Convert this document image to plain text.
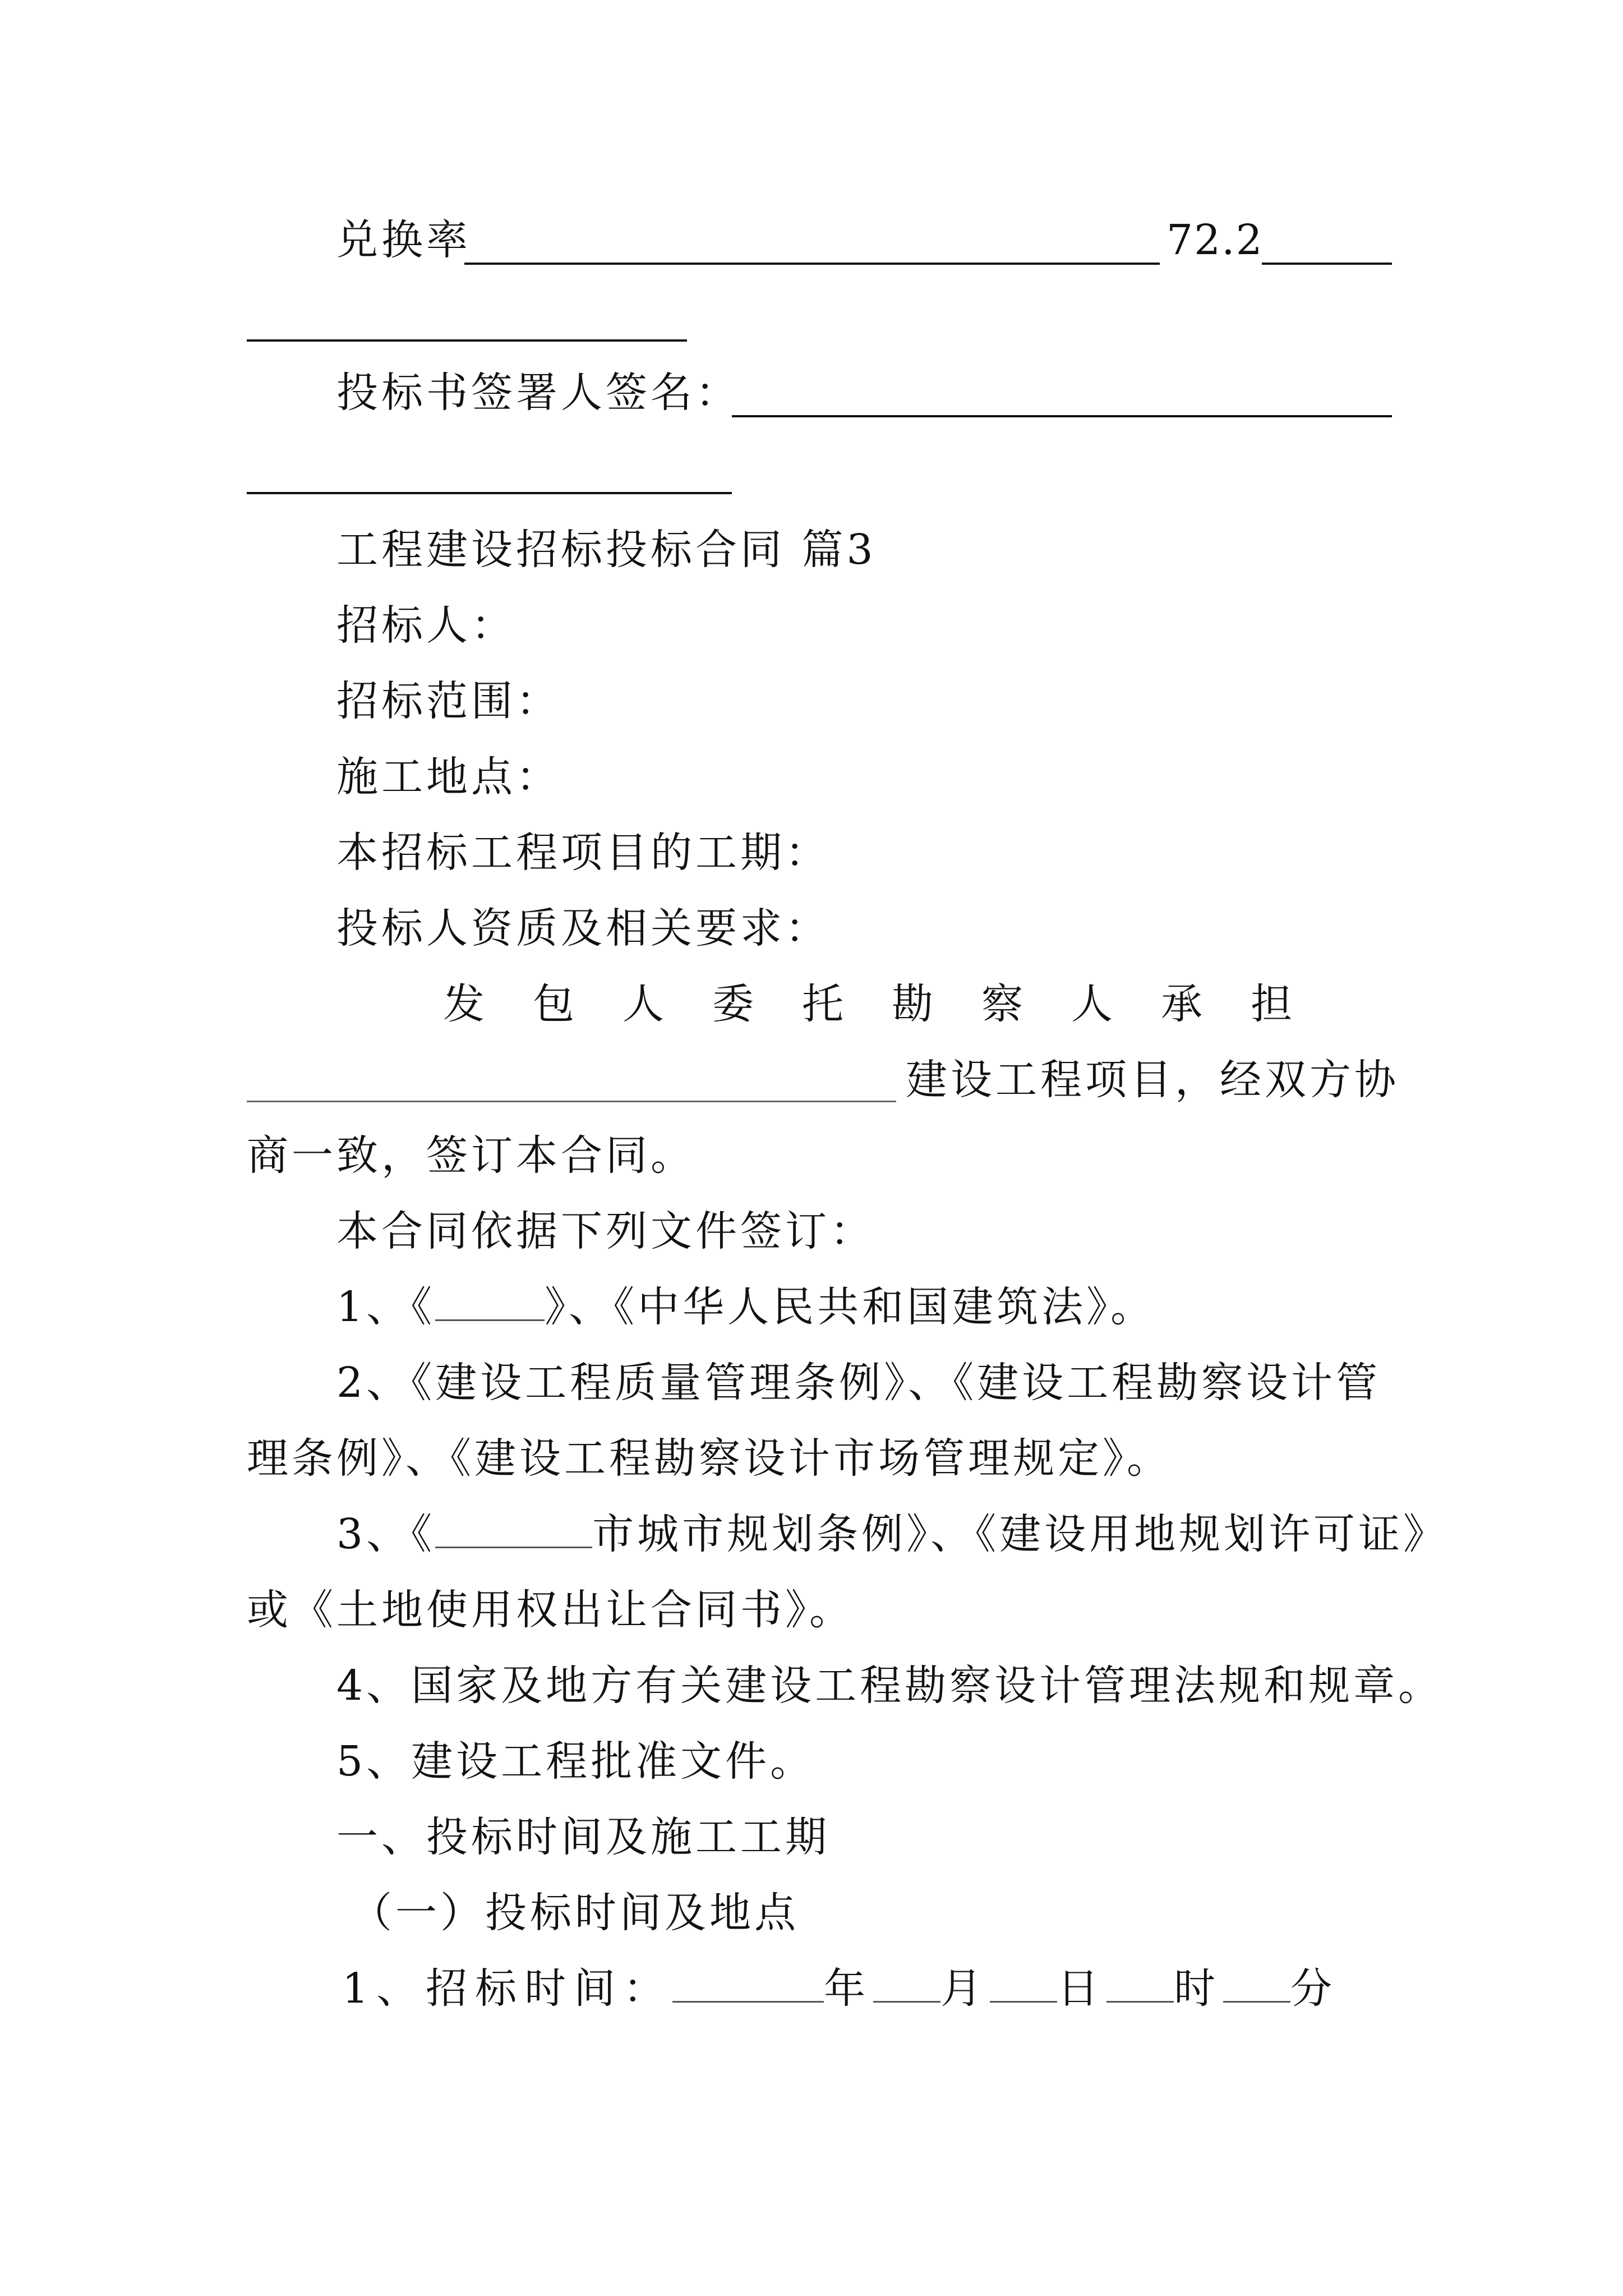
兑换率	72.2
投标书签署人签名：
工程建设招标投标合同 篇3
招标人：
招标范围：
施工地点：
本招标工程项目的工期：
投标人资质及相关要求：
发包人委托勘察人承担
建设工程项目，经双方协
商一致，签订本合同。
本合同依据下列文件签订：
1、《	》、《中华人民共和国建筑法》。
2、《建设工程质量管理条例》、《建设工程勘察设计管
理条例》、《建设工程勘察设计市场管理规定》。
3、《	市城市规划条例》、《建设用地规划许可证》
或《土地使用权出让合同书》。
4、国家及地方有关建设工程勘察设计管理法规和规章。
5、建设工程批准文件。
一、投标时间及施工工期
（一）投标时间及地点
1、招标时间：	年 月 日 时 分
